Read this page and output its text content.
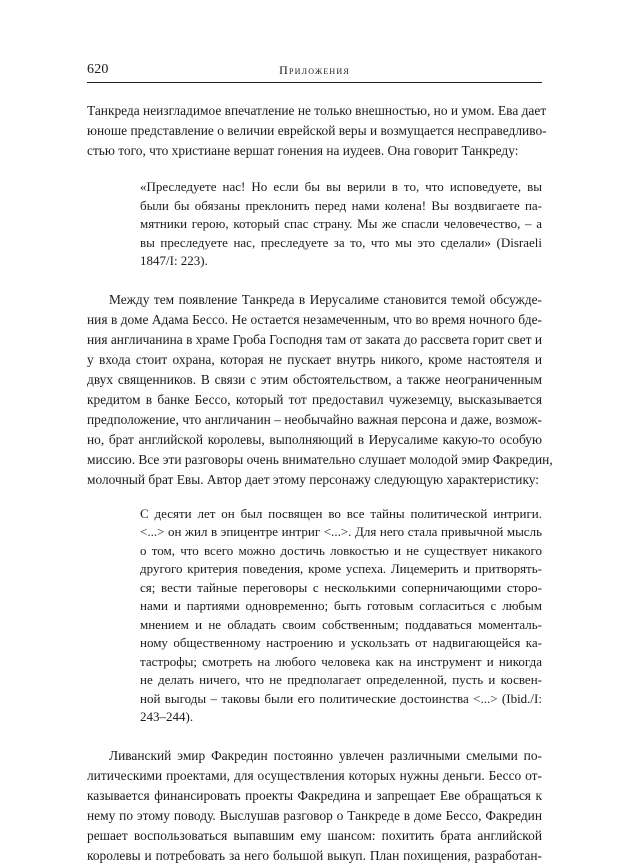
620	Приложения

Танкреда неизгладимое впечатление не только внешностью, но и умом. Ева дает
юноше представление о величии еврейской веры и возмущается несправедливо-
стью того, что христиане вершат гонения на иудеев. Она говорит Танкреду:

«Преследуете нас! Но если бы вы верили в то, что исповедуете, вы
были бы обязаны преклонить перед нами колена! Вы воздвигаете па-
мятники герою, который спас страну. Мы же спасли человечество, – а
вы преследуете нас, преследуете за то, что мы это сделали» (Disraeli
1847/I: 223).

Между тем появление Танкреда в Иерусалиме становится темой обсужде-
ния в доме Адама Бессо. Не остается незамеченным, что во время ночного бде-
ния англичанина в храме Гроба Господня там от заката до рассвета горит свет и
у входа стоит охрана, которая не пускает внутрь никого, кроме настоятеля и
двух священников. В связи с этим обстоятельством, а также неограниченным
кредитом в банке Бессо, который тот предоставил чужеземцу, высказывается
предположение, что англичанин – необычайно важная персона и даже, возмож-
но, брат английской королевы, выполняющий в Иерусалиме какую-то особую
миссию. Все эти разговоры очень внимательно слушает молодой эмир Факредин,
молочный брат Евы. Автор дает этому персонажу следующую характеристику:

С десяти лет он был посвящен во все тайны политической интриги.
<...> он жил в эпицентре интриг <...>. Для него стала привычной мысль
о том, что всего можно достичь ловкостью и не существует никакого
другого критерия поведения, кроме успеха. Лицемерить и притворять-
ся; вести тайные переговоры с несколькими соперничающими сторо-
нами и партиями одновременно; быть готовым согласиться с любым
мнением и не обладать своим собственным; поддаваться моменталь-
ному общественному настроению и ускользать от надвигающейся ка-
тастрофы; смотреть на любого человека как на инструмент и никогда
не делать ничего, что не предполагает определенной, пусть и косвен-
ной выгоды – таковы были его политические достоинства <...> (Ibid./I:
243–244).

Ливанский эмир Факредин постоянно увлечен различными смелыми по-
литическими проектами, для осуществления которых нужны деньги. Бессо от-
казывается финансировать проекты Факредина и запрещает Еве обращаться к
нему по этому поводу. Выслушав разговор о Танкреде в доме Бессо, Факредин
решает воспользоваться выпавшим ему шансом: похитить брата английской
королевы и потребовать за него большой выкуп. План похищения, разработан-
